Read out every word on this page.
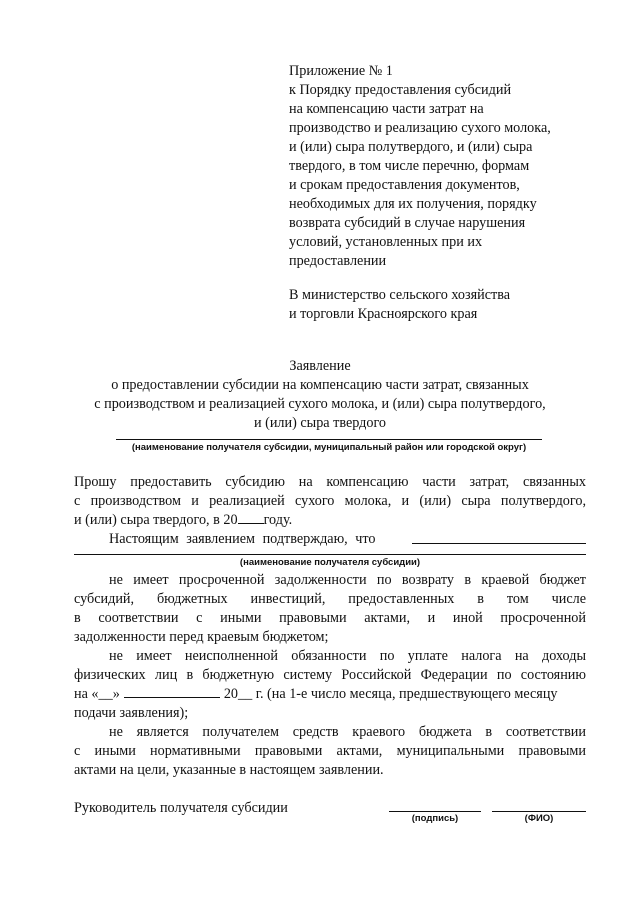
Приложение № 1
к Порядку предоставления субсидий
на компенсацию части затрат на
производство и реализацию сухого молока,
и (или) сыра полутвердого, и (или) сыра
твердого, в том числе перечню, формам
и срокам предоставления документов,
необходимых для их получения, порядку
возврата субсидий в случае нарушения
условий, установленных при их
В министерство сельского хозяйства
и торговли Красноярского края
Заявление
о предоставлении субсидии на компенсацию части затрат, связанных
с производством и реализацией сухого молока, и (или) сыра полутвердого,
и (или) сыра твердого
(наименование получателя субсидии, муниципальный район или городской округ)
Прошу предоставить субсидию на компенсацию части затрат, связанных
с производством и реализацией сухого молока, и (или) сыра полутвердого,
и (или) сыра твердого, в 20 году.
Настоящим заявлением подтверждаю, что
(наименование получателя субсидии)
не имеет просроченной задолженности по возврату в краевой бюджет
субсидий, бюджетных инвестиций, предоставленных в том числе
в соответствии с иными правовыми актами, и иной просроченной
задолженности перед краевым бюджетом;
не имеет неисполненной обязанности по уплате налога на доходы
физических лиц в бюджетную систему Российской Федерации по состоянию
на «__»	20__ г. (на 1-е число месяца, предшествующего месяцу
подачи заявления);
не является получателем средств краевого бюджета в соответствии
с иными нормативными правовыми актами, муниципальными правовыми
актами на цели, указанные в настоящем заявлении.
Руководитель получателя субсидии
(подпись)	(ФИО)
предоставлении
